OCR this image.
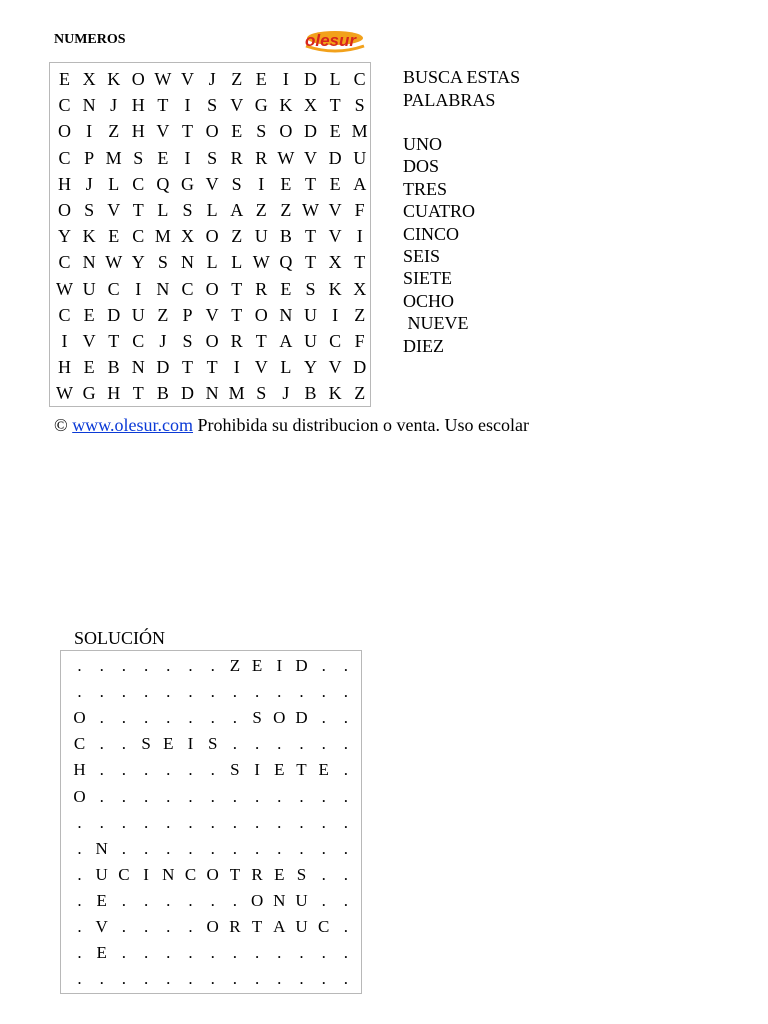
NUMEROS	olesur
E X K O W V J Z E I D L C
C N J H T I S V G K X T S
O I Z H V T O E S O D E M
C P M S E I S R R W V D U
H J L C Q G V S I E T E A
O S V T L S L A Z Z W V F
Y K E C M X O Z U B T V I
C N W Y S N L L W Q T X T
W U C I N C O T R E S K X
C E D U Z P V T O N U I Z
I V T C J S O R T A U C F
H E B N D T T I V L Y V D
W G H T B D N M S J B K Z
BUSCA ESTAS
PALABRAS
UNO
DOS
TRES
CUATRO
CINCO
SEIS
SIETE
OCHO
NUEVE
DIEZ
© www.olesur.com Prohibida su distribucion o venta. Uso escolar
SOLUCIÓN
.	.	.	.	.	.	. Z E I D .	.
.	.	.	.	.	.	.	.	.	.	.	.	.
O .	.	.	.	.	.	. S O D .	.
C .	. S E I S .	.	.	.	.	.
H .	.	.	.	.	. S I E T E .
O .	.	.	.	.	.	.	.	.	.	.	.
.	.	.	.	.	.	.	.	.	.	.	.	.
. N .	.	.	.	.	.	.	.	.	.	.
. U C I N C O T R E S .	.
. E .	.	.	.	.	. O N U .	.
. V .	.	.	. O R T A U C .
. E .	.	.	.	.	.	.	.	.	.	.
.	.	.	.	.	.	.	.	.	.	.	.	.
